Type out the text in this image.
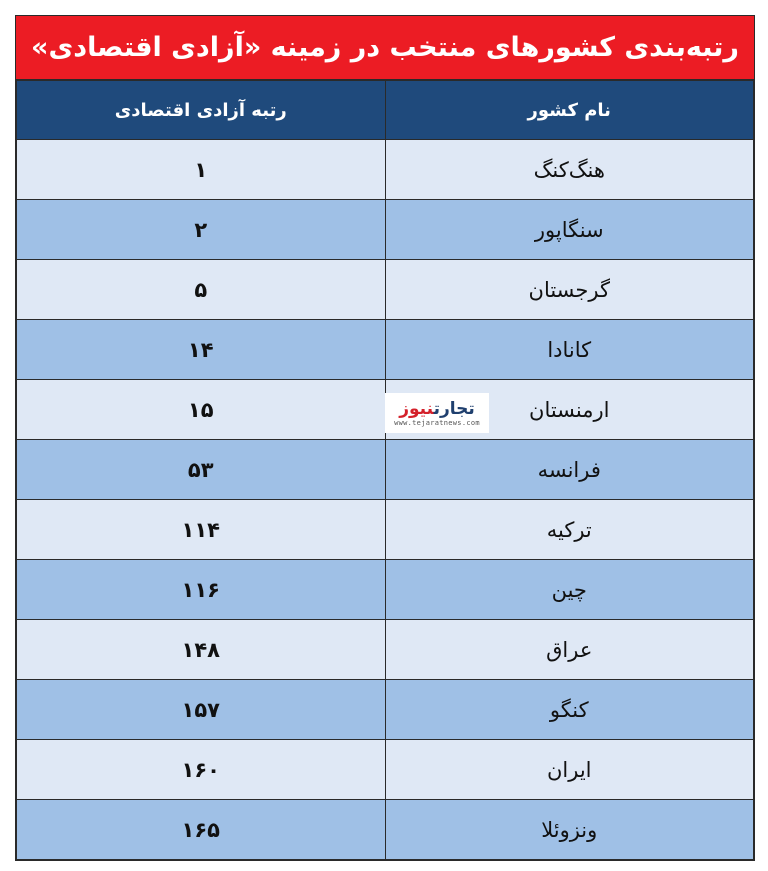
رتبه‌بندی کشورهای منتخب در زمینه «آزادی اقتصادی»
نام کشور	رتبه آزادی اقتصادی
هنگ‌کنگ	۱
سنگاپور	۲
گرجستان	۵
کانادا	۱۴
ارمنستان	۱۵
فرانسه	۵۳
ترکیه	۱۱۴
چین	۱۱۶
عراق	۱۴۸
کنگو	۱۵۷
ایران	۱۶۰
ونزوئلا	۱۶۵
تجارتنیوز
www.tejaratnews.com
